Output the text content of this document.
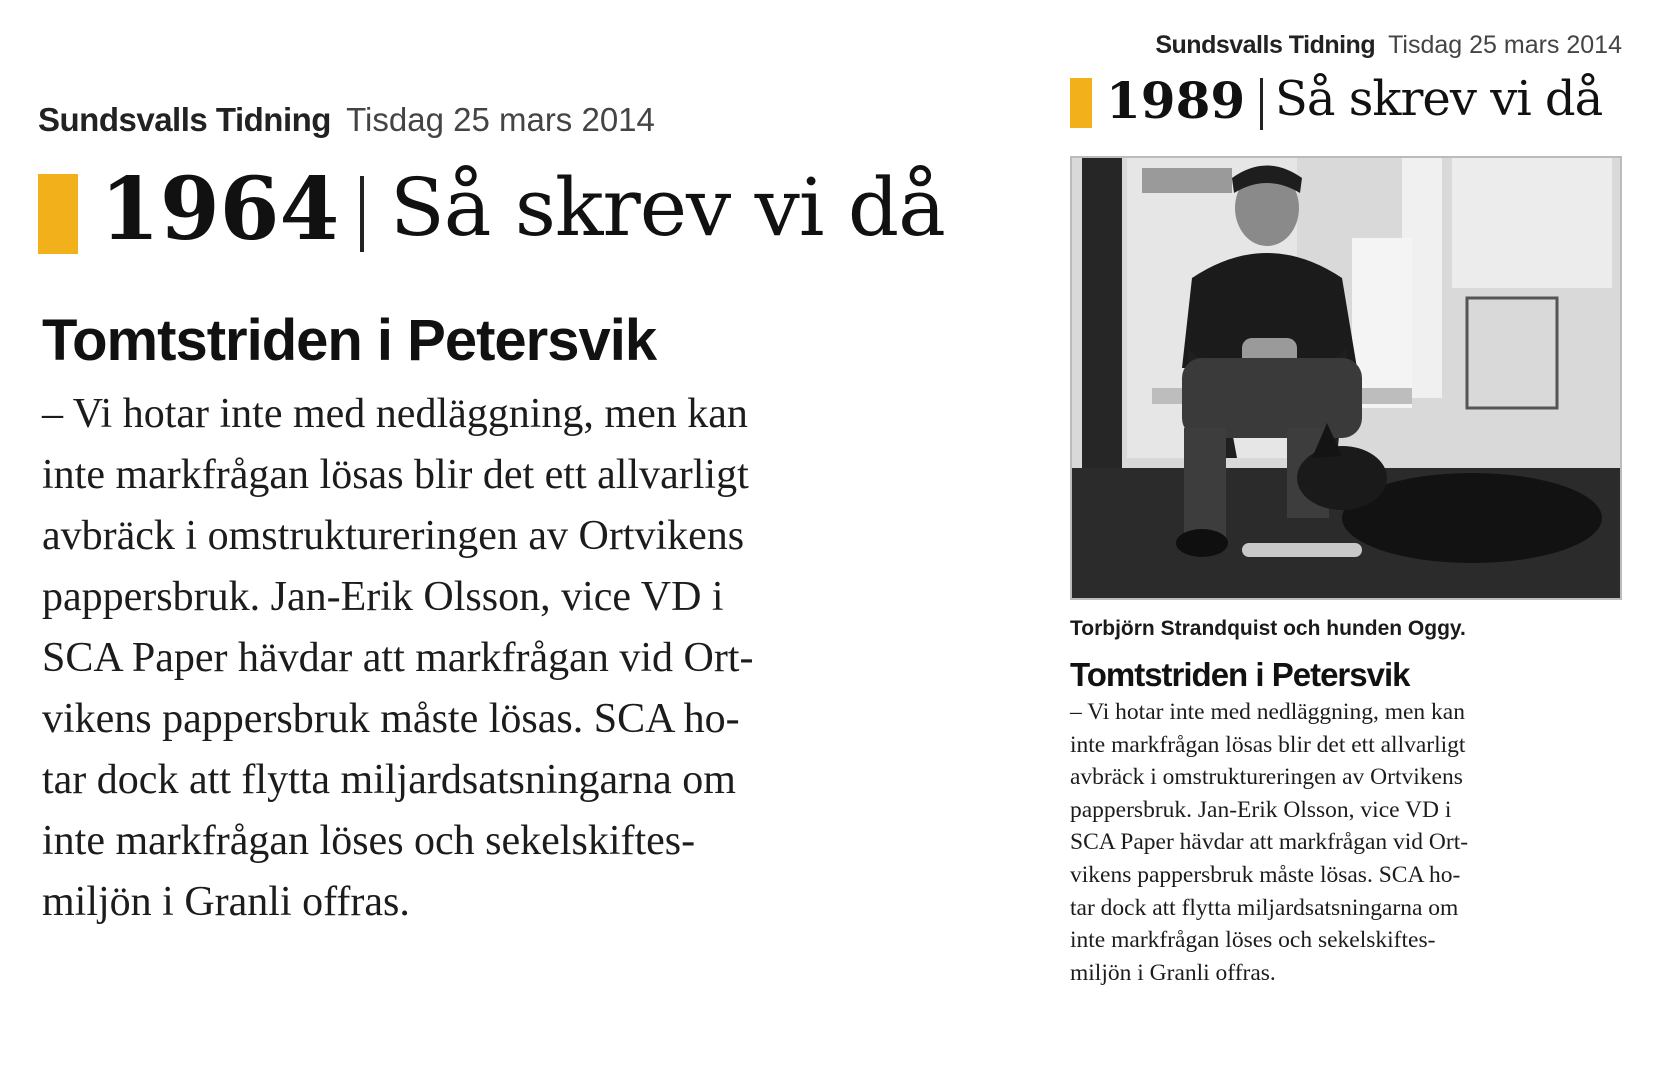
Sundsvalls Tidning Tisdag 25 mars 2014
1964 Så skrev vi då
Tomtstriden i Petersvik
– Vi hotar inte med nedläggning, men kan
inte markfrågan lösas blir det ett allvarligt
avbräck i omstruktureringen av Ortvikens
pappersbruk. Jan-Erik Olsson, vice VD i
SCA Paper hävdar att markfrågan vid Ort-
vikens pappersbruk måste lösas. SCA ho-
tar dock att flytta miljardsatsningarna om
inte markfrågan löses och sekelskiftes-
miljön i Granli offras.
Sundsvalls Tidning Tisdag 25 mars 2014
1989 Så skrev vi då
Torbjörn Strandquist och hunden Oggy.
Tomtstriden i Petersvik
– Vi hotar inte med nedläggning, men kan
inte markfrågan lösas blir det ett allvarligt
avbräck i omstruktureringen av Ortvikens
pappersbruk. Jan-Erik Olsson, vice VD i
SCA Paper hävdar att markfrågan vid Ort-
vikens pappersbruk måste lösas. SCA ho-
tar dock att flytta miljardsatsningarna om
inte markfrågan löses och sekelskiftes-
miljön i Granli offras.
